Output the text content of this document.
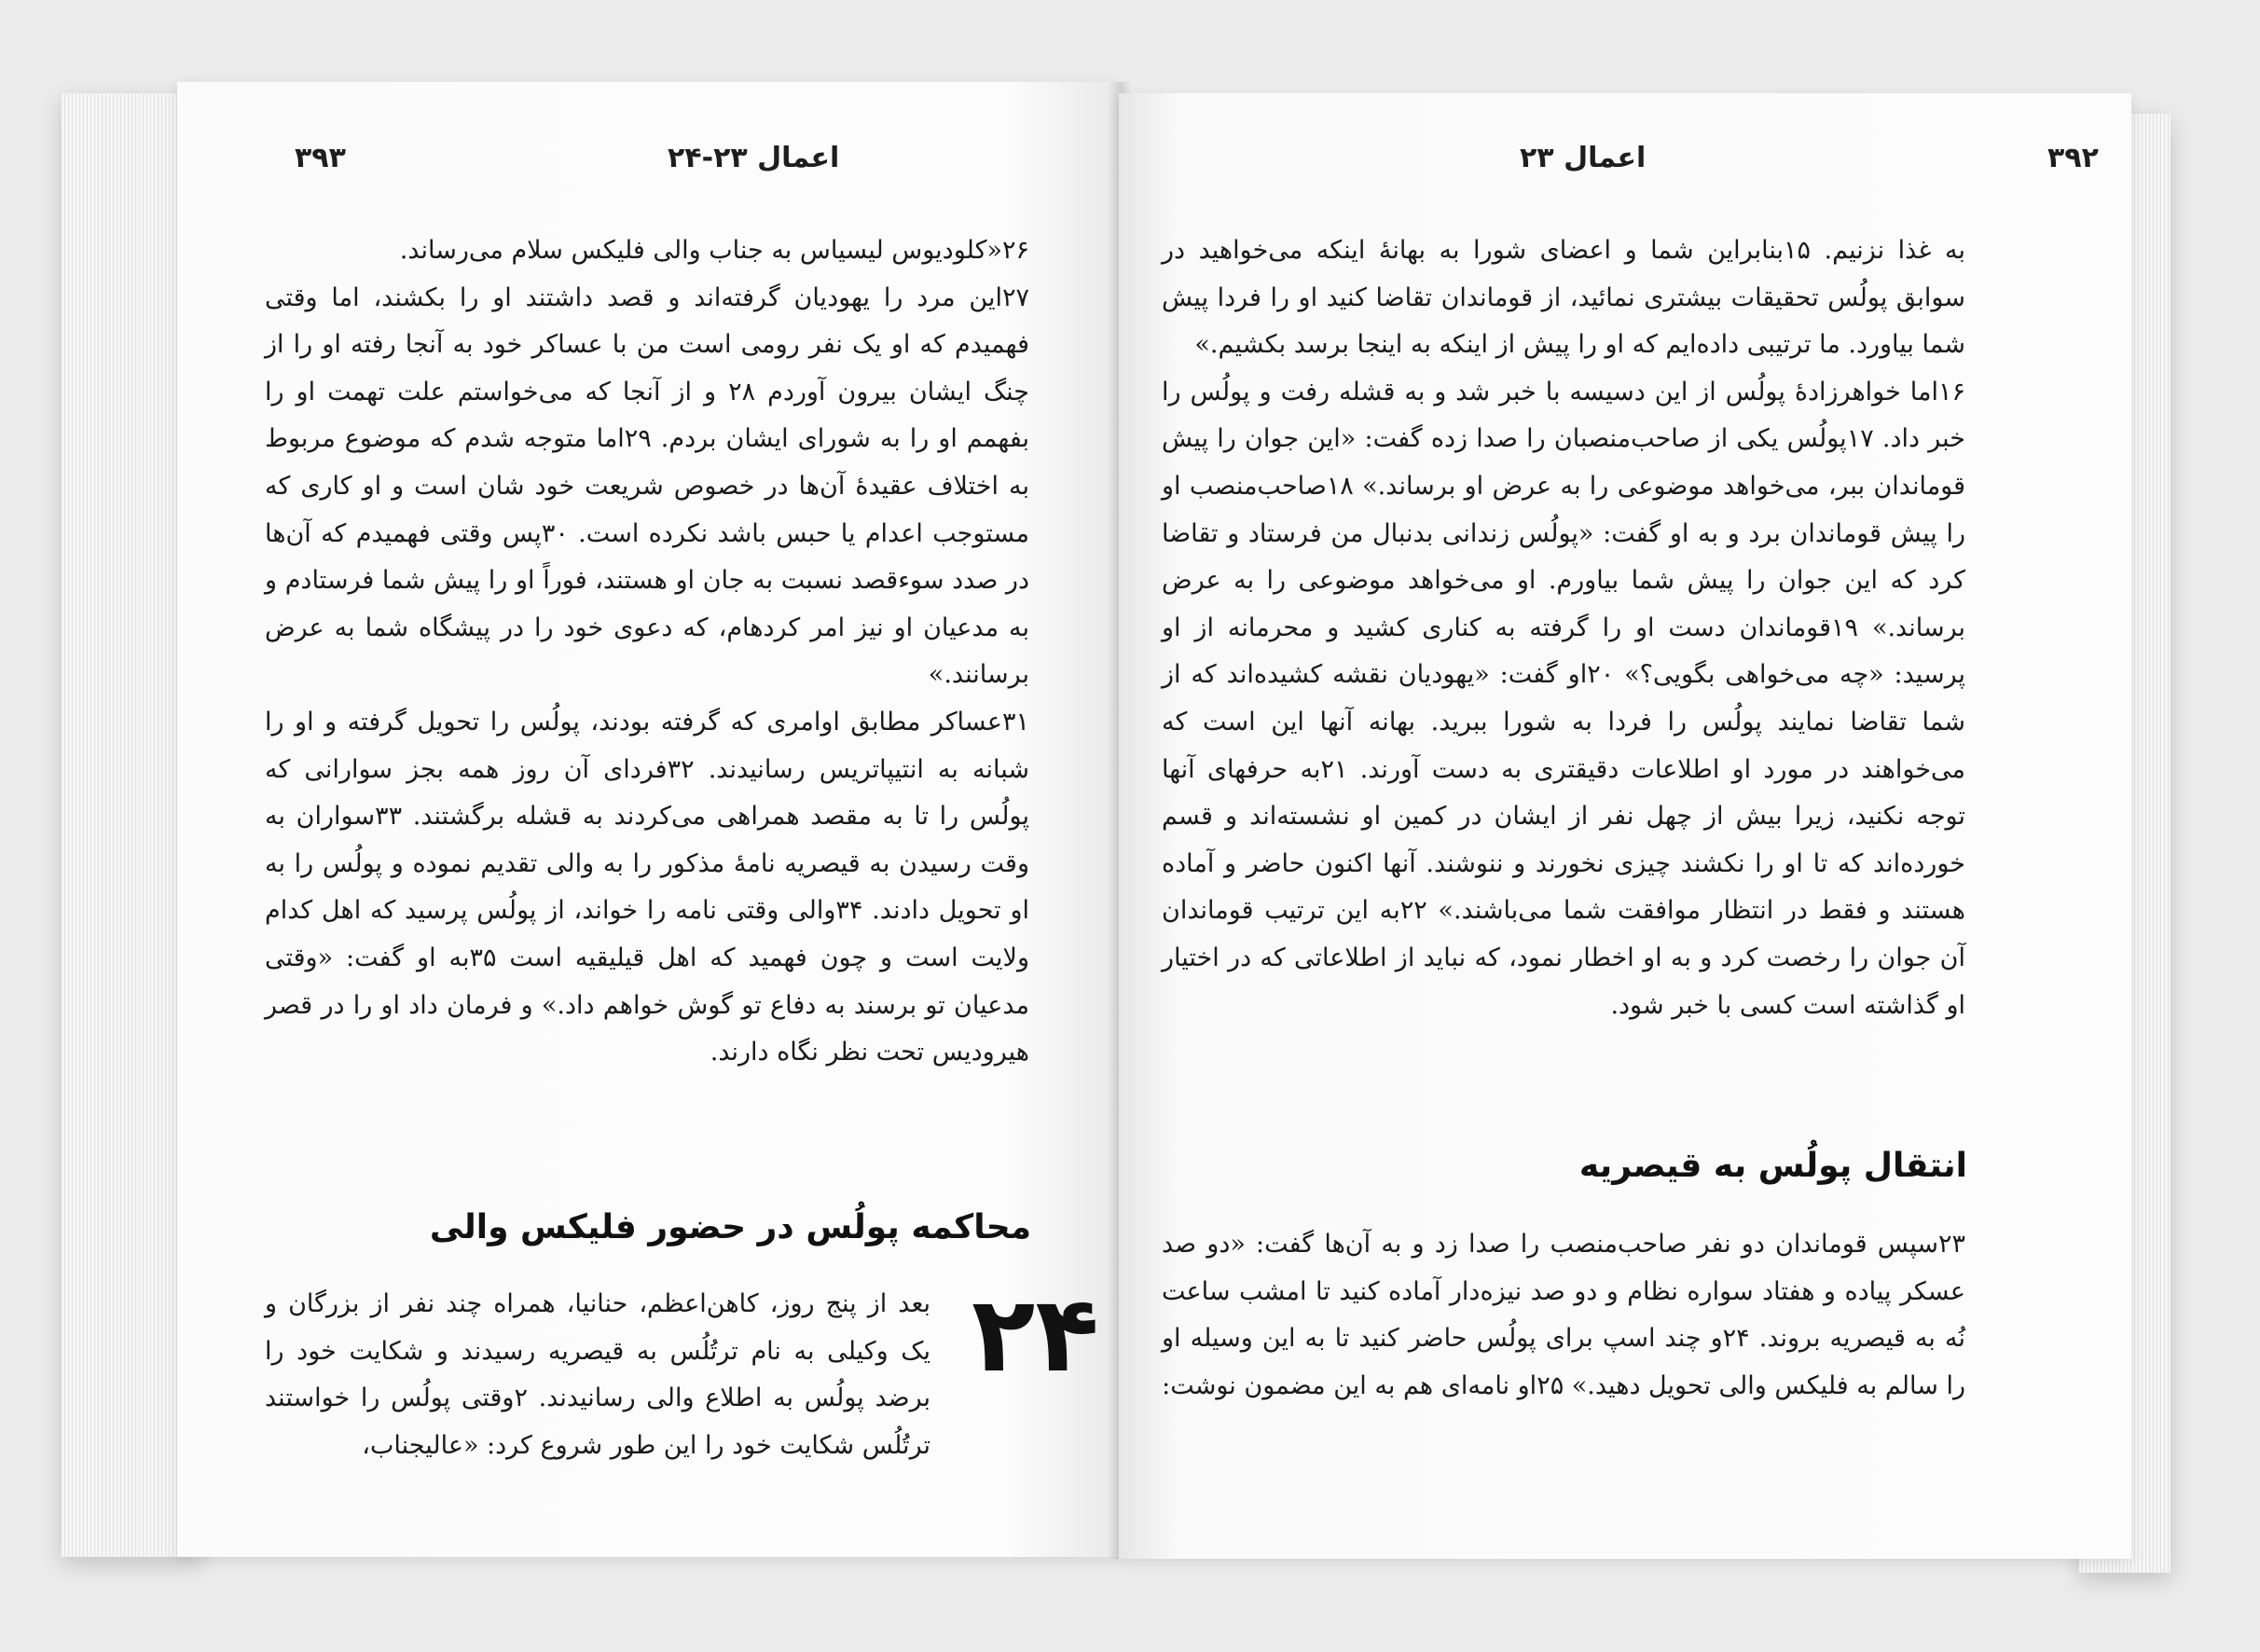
۳۹۳	اعمال ۲۳-۲۴

۲۶«کلودیوس لیسیاس به جناب والی فلیکس سلام می‌رساند.

۲۷این مرد را یهودیان گرفته‌اند و قصد داشتند او را بکشند، اما وقتی فهمیدم که او یک نفر رومی است من با عساکر خود به آنجا رفته او را از چنگ ایشان بیرون آوردم ۲۸ و از آنجا که می‌خواستم علت تهمت او را بفهمم او را به شورای ایشان بردم. ۲۹اما متوجه شدم که موضوع مربوط به اختلاف عقیدهٔ آن‌ها در خصوص شریعت خود شان است و او کاری که مستوجب اعدام یا حبس باشد نکرده است. ۳۰پس وقتی فهمیدم که آن‌ها در صدد سوءقصد نسبت به جان او هستند، فوراً او را پیش شما فرستادم و به مدعیان او نیز امر کردهام، که دعوی خود را در پیشگاه شما به عرض برسانند.»

۳۱عساکر مطابق اوامری که گرفته بودند، پولُس را تحویل گرفته و او را شبانه به انتیپاتریس رسانیدند. ۳۲فردای آن روز همه بجز سوارانی که پولُس را تا به مقصد همراهی می‌کردند به قشله برگشتند. ۳۳سواران به وقت رسیدن به قیصریه نامهٔ مذکور را به والی تقدیم نموده و پولُس را به او تحویل دادند. ۳۴والی وقتی نامه را خواند، از پولُس پرسید که اهل کدام ولایت است و چون فهمید که اهل قیلیقیه است ۳۵به او گفت: «وقتی مدعیان تو برسند به دفاع تو گوش خواهم داد.» و فرمان داد او را در قصر هیرودیس تحت نظر نگاه دارند.

محاکمه پولُس در حضور فلیکس والی
۲۴
بعد از پنج روز، کاهن‌اعظم، حنانیا، همراه چند نفر از بزرگان و یک وکیلی به نام ترتُلُس به قیصریه رسیدند و شکایت خود را برضد پولُس به اطلاع والی رسانیدند. ۲وقتی پولُس را خواستند ترتُلُس شکایت خود را این طور شروع کرد: «عالیجناب،
اعمال ۲۳	۳۹۲

به غذا نزنیم. ۱۵بنابراین شما و اعضای شورا به بهانهٔ اینکه می‌خواهید در سوابق پولُس تحقیقات بیشتری نمائید، از قوماندان تقاضا کنید او را فردا پیش شما بیاورد. ما ترتیبی داده‌ایم که او را پیش از اینکه به اینجا برسد بکشیم.»

۱۶اما خواهرزادهٔ پولُس از این دسیسه با خبر شد و به قشله رفت و پولُس را خبر داد. ۱۷پولُس یکی از صاحب‌منصبان را صدا زده گفت: «این جوان را پیش قوماندان ببر، می‌خواهد موضوعی را به عرض او برساند.» ۱۸صاحب‌منصب او را پیش قوماندان برد و به او گفت: «پولُس زندانی بدنبال من فرستاد و تقاضا کرد که این جوان را پیش شما بیاورم. او می‌خواهد موضوعی را به عرض برساند.» ۱۹قوماندان دست او را گرفته به کناری کشید و محرمانه از او پرسید: «چه می‌خواهی بگویی؟» ۲۰او گفت: «یهودیان نقشه کشیده‌اند که از شما تقاضا نمایند پولُس را فردا به شورا ببرید. بهانه آنها این است که می‌خواهند در مورد او اطلاعات دقیقتری به دست آورند. ۲۱به حرفهای آنها توجه نکنید، زیرا بیش از چهل نفر از ایشان در کمین او نشسته‌اند و قسم خورده‌اند که تا او را نکشند چیزی نخورند و ننوشند. آنها اکنون حاضر و آماده هستند و فقط در انتظار موافقت شما می‌باشند.» ۲۲به این ترتیب قوماندان آن جوان را رخصت کرد و به او اخطار نمود، که نباید از اطلاعاتی که در اختیار او گذاشته است کسی با خبر شود.

انتقال پولُس به قیصریه

۲۳سپس قوماندان دو نفر صاحب‌منصب را صدا زد و به آن‌ها گفت: «دو صد عسکر پیاده و هفتاد سواره نظام و دو صد نیزه‌دار آماده کنید تا امشب ساعت نُه به قیصریه بروند. ۲۴و چند اسپ برای پولُس حاضر کنید تا به این وسیله او را سالم به فلیکس والی تحویل دهید.» ۲۵او نامه‌ای هم به این مضمون نوشت:
